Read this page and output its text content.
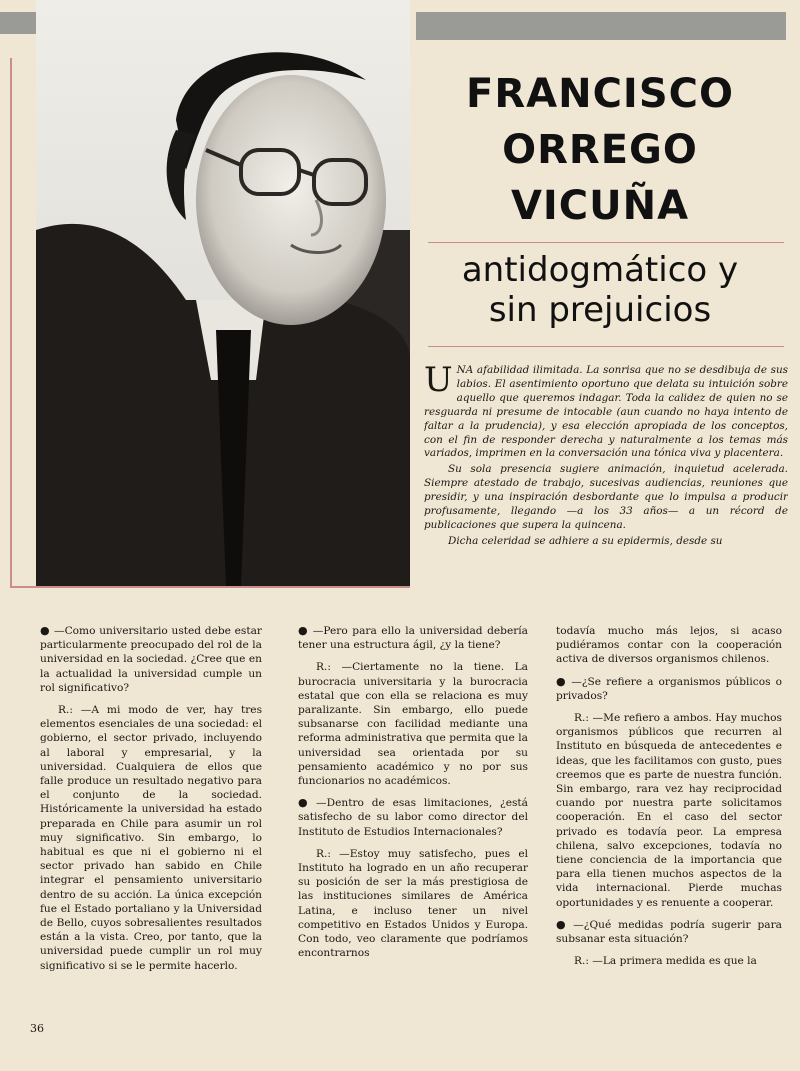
FRANCISCO
ORREGO
VICUÑA
antidogmático y
sin prejuicios

UNA afabilidad ilimitada. La sonrisa que no se desdibuja de sus labios. El asentimiento oportuno que delata su intuición sobre aquello que queremos indagar. Toda la calidez de quien no se resguarda ni presume de intocable (aun cuando no haya intento de faltar a la prudencia), y esa elección apropiada de los conceptos, con el fin de responder derecha y naturalmente a los temas más variados, imprimen en la conversación una tónica viva y placentera.

Su sola presencia sugiere animación, inquietud acelerada. Siempre atestado de trabajo, sucesivas audiencias, reuniones que presidir, y una inspiración desbordante que lo impulsa a producir profusamente, llegando —a los 33 años— a un récord de publicaciones que supera la quincena.

Dicha celeridad se adhiere a su epidermis, desde su

● —Como universitario usted debe estar particularmente preocupado del rol de la universidad en la sociedad. ¿Cree que en la actualidad la universidad cumple un rol significativo?

R.: —A mi modo de ver, hay tres elementos esenciales de una sociedad: el gobierno, el sector privado, incluyendo al laboral y empresarial, y la universidad. Cualquiera de ellos que falle produce un resultado negativo para el conjunto de la sociedad. Históricamente la universidad ha estado preparada en Chile para asumir un rol muy significativo. Sin embargo, lo habitual es que ni el gobierno ni el sector privado han sabido en Chile integrar el pensamiento universitario dentro de su acción. La única excepción fue el Estado portaliano y la Universidad de Bello, cuyos sobresalientes resultados están a la vista. Creo, por tanto, que la universidad puede cumplir un rol muy significativo si se le permite hacerlo.

● —Pero para ello la universidad debería tener una estructura ágil, ¿y la tiene?

R.: —Ciertamente no la tiene. La burocracia universitaria y la burocracia estatal que con ella se relaciona es muy paralizante. Sin embargo, ello puede subsanarse con facilidad mediante una reforma administrativa que permita que la universidad sea orientada por su pensamiento académico y no por sus funcionarios no académicos.

● —Dentro de esas limitaciones, ¿está satisfecho de su labor como director del Instituto de Estudios Internacionales?

R.: —Estoy muy satisfecho, pues el Instituto ha logrado en un año recuperar su posición de ser la más prestigiosa de las instituciones similares de América Latina, e incluso tener un nivel competitivo en Estados Unidos y Europa. Con todo, veo claramente que podríamos encontrarnos

todavía mucho más lejos, si acaso pudiéramos contar con la cooperación activa de diversos organismos chilenos.

● —¿Se refiere a organismos públicos o privados?

R.: —Me refiero a ambos. Hay muchos organismos públicos que recurren al Instituto en búsqueda de antecedentes e ideas, que les facilitamos con gusto, pues creemos que es parte de nuestra función. Sin embargo, rara vez hay reciprocidad cuando por nuestra parte solicitamos cooperación. En el caso del sector privado es todavía peor. La empresa chilena, salvo excepciones, todavía no tiene conciencia de la importancia que para ella tienen muchos aspectos de la vida internacional. Pierde muchas oportunidades y es renuente a cooperar.

● —¿Qué medidas podría sugerir para subsanar esta situación?

R.: —La primera medida es que la

36
